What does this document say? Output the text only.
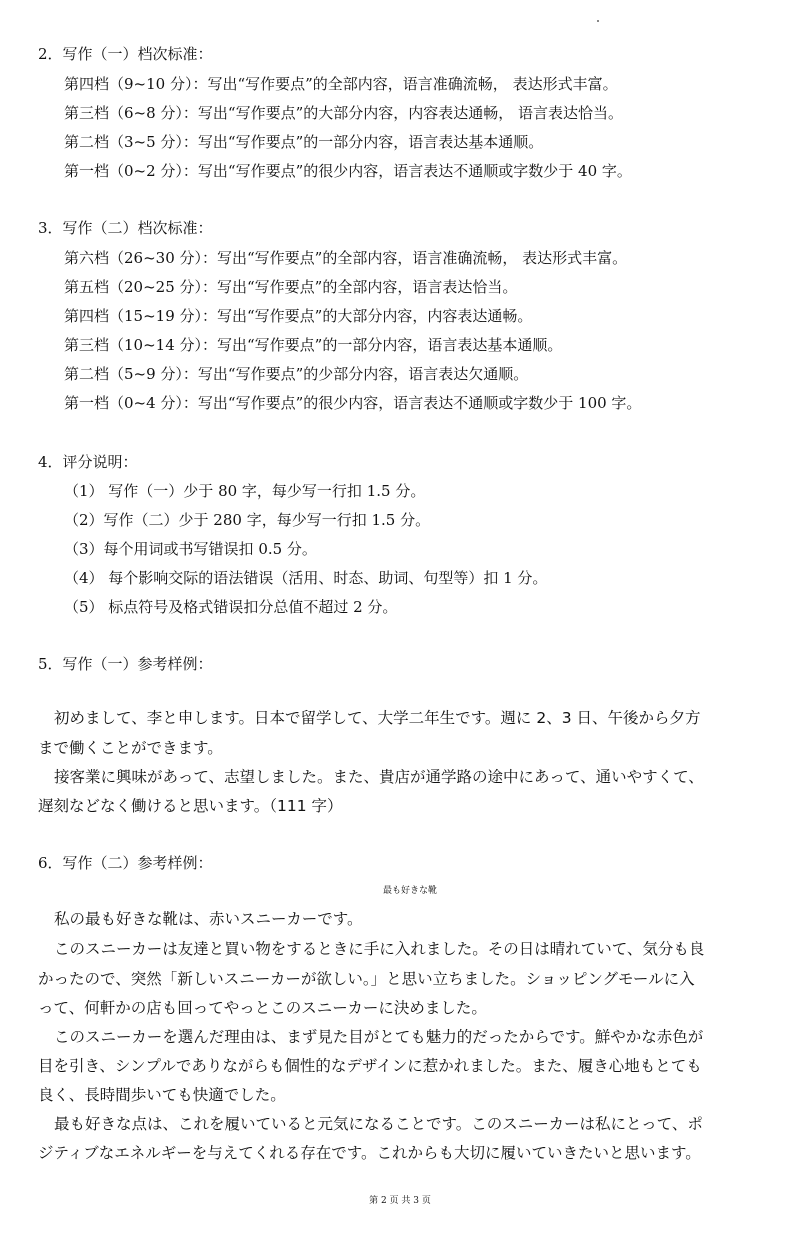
2．写作（一）档次标准：
第四档（9~10 分）：写出“写作要点”的全部内容，语言准确流畅， 表达形式丰富。
第三档（6~8 分）：写出“写作要点”的大部分内容，内容表达通畅， 语言表达恰当。
第二档（3~5 分）：写出“写作要点”的一部分内容，语言表达基本通顺。
第一档（0~2 分）：写出“写作要点”的很少内容，语言表达不通顺或字数少于 40 字。
3．写作（二）档次标准：
第六档（26~30 分）：写出“写作要点”的全部内容，语言准确流畅， 表达形式丰富。
第五档（20~25 分）：写出“写作要点”的全部内容，语言表达恰当。
第四档（15~19 分）：写出“写作要点”的大部分内容，内容表达通畅。
第三档（10~14 分）：写出“写作要点”的一部分内容，语言表达基本通顺。
第二档（5~9 分）：写出“写作要点”的少部分内容，语言表达欠通顺。
第一档（0~4 分）：写出“写作要点”的很少内容，语言表达不通顺或字数少于 100 字。
4．评分说明：
（1） 写作（一）少于 80 字，每少写一行扣 1.5 分。
（2）写作（二）少于 280 字，每少写一行扣 1.5 分。
（3）每个用词或书写错误扣 0.5 分。
（4） 每个影响交际的语法错误（活用、时态、助词、句型等）扣 1 分。
（5） 标点符号及格式错误扣分总值不超过 2 分。
5．写作（一）参考样例：
初めまして、李と申します。日本で留学して、大学二年生です。週に 2、3 日、午後から夕方
まで働くことができます。
接客業に興味があって、志望しました。また、貴店が通学路の途中にあって、通いやすくて、
遅刻などなく働けると思います。（111 字）
6．写作（二）参考样例：
最も好きな靴
私の最も好きな靴は、赤いスニーカーです。
このスニーカーは友達と買い物をするときに手に入れました。その日は晴れていて、気分も良
かったので、突然「新しいスニーカーが欲しい。」と思い立ちました。ショッピングモールに入
って、何軒かの店も回ってやっとこのスニーカーに決めました。
このスニーカーを選んだ理由は、まず見た目がとても魅力的だったからです。鮮やかな赤色が
目を引き、シンプルでありながらも個性的なデザインに惹かれました。また、履き心地もとても
良く、長時間歩いても快適でした。
最も好きな点は、これを履いていると元気になることです。このスニーカーは私にとって、ポ
ジティブなエネルギーを与えてくれる存在です。これからも大切に履いていきたいと思います。
第 2 页 共 3 页
